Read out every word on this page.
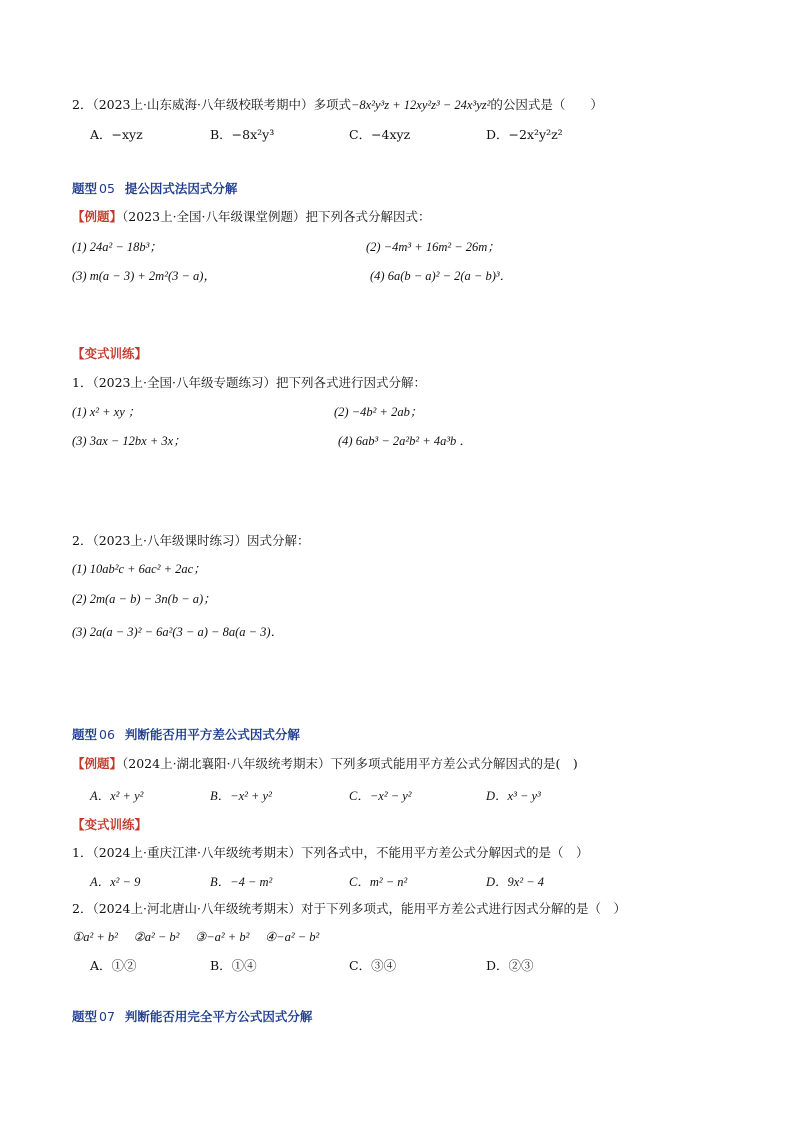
2．（2023上·山东威海·八年级校联考期中）多项式−8x²y³z + 12xy²z³ − 24x³yz²的公因式是（　　）
A．−xyz	B．−8x²y³	C．−4xyz	D．−2x²y²z²
题型 05 提公因式法因式分解
【例题】（2023上·全国·八年级课堂例题）把下列各式分解因式：
(1) 24a² − 18b³；	(2) −4m³ + 16m² − 26m；
(3) m(a − 3) + 2m²(3 − a)，	(4) 6a(b − a)² − 2(a − b)³．
【变式训练】
1．（2023上·全国·八年级专题练习）把下列各式进行因式分解：
(1) x² + xy ；	(2) −4b² + 2ab；
(3) 3ax − 12bx + 3x；	(4) 6ab³ − 2a²b² + 4a³b ．
2．（2023上·八年级课时练习）因式分解：
(1) 10ab²c + 6ac² + 2ac；
(2) 2m(a − b) − 3n(b − a)；
(3) 2a(a − 3)² − 6a²(3 − a) − 8a(a − 3)．
题型 06 判断能否用平方差公式因式分解
【例题】（2024上·湖北襄阳·八年级统考期末）下列多项式能用平方差公式分解因式的是(　)
A．x² + y²	B．−x² + y²	C．−x² − y²	D．x³ − y³
【变式训练】
1．（2024上·重庆江津·八年级统考期末）下列各式中，不能用平方差公式分解因式的是（　）
A．x² − 9	B．−4 − m²	C．m² − n²	D．9x² − 4
2．（2024上·河北唐山·八年级统考期末）对于下列多项式，能用平方差公式进行因式分解的是（　）
①a² + b²　 ②a² − b²　 ③−a² + b²　 ④−a² − b²
A．①②	B．①④	C．③④	D．②③
题型 07 判断能否用完全平方公式因式分解
